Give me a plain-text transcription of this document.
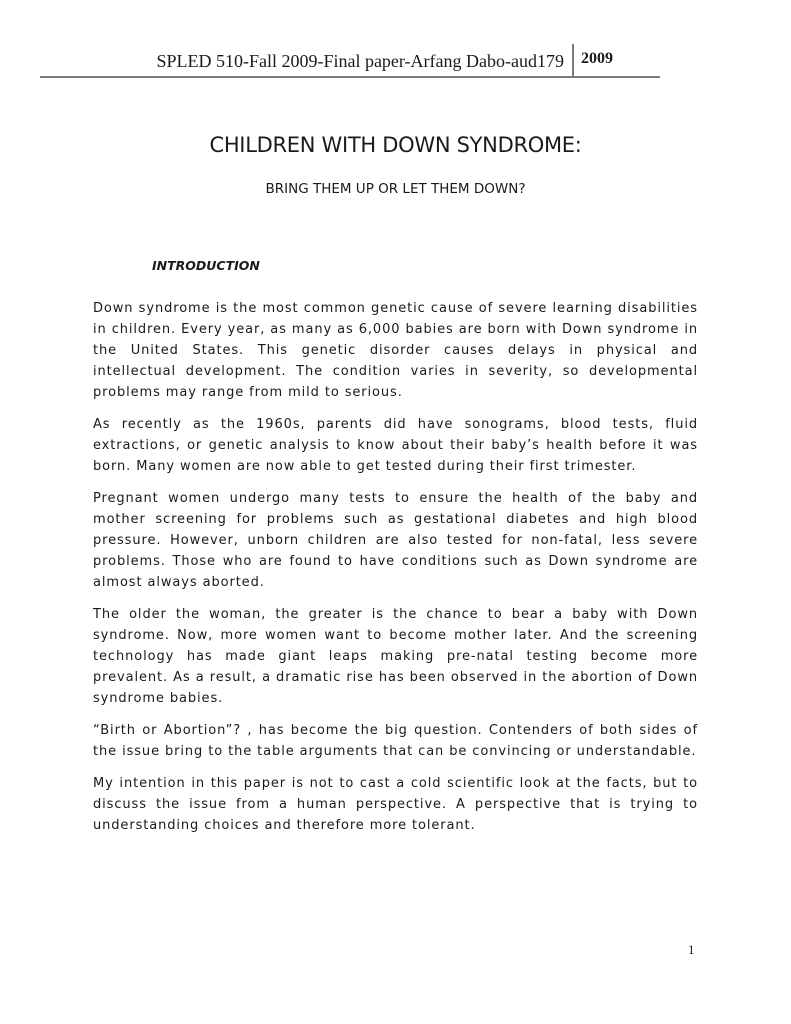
SPLED 510-Fall 2009-Final paper-Arfang Dabo-aud179 2009
CHILDREN WITH DOWN SYNDROME:
BRING THEM UP OR LET THEM DOWN?
INTRODUCTION

Down syndrome is the most common genetic cause of severe learning disabilities in children. Every year, as many as 6,000 babies are born with Down syndrome in the United States. This genetic disorder causes delays in physical and intellectual development. The condition varies in severity, so developmental problems may range from mild to serious.

As recently as the 1960s, parents did have sonograms, blood tests, fluid extractions, or genetic analysis to know about their baby’s health before it was born. Many women are now able to get tested during their first trimester.

Pregnant women undergo many tests to ensure the health of the baby and mother screening for problems such as gestational diabetes and high blood pressure. However, unborn children are also tested for non-fatal, less severe problems. Those who are found to have conditions such as Down syndrome are almost always aborted.

The older the woman, the greater is the chance to bear a baby with Down syndrome. Now, more women want to become mother later. And the screening technology has made giant leaps making pre-natal testing become more prevalent. As a result, a dramatic rise has been observed in the abortion of Down syndrome babies.

“Birth or Abortion”? , has become the big question. Contenders of both sides of the issue bring to the table arguments that can be convincing or understandable.

My intention in this paper is not to cast a cold scientific look at the facts, but to discuss the issue from a human perspective. A perspective that is trying to understanding choices and therefore more tolerant.

1
